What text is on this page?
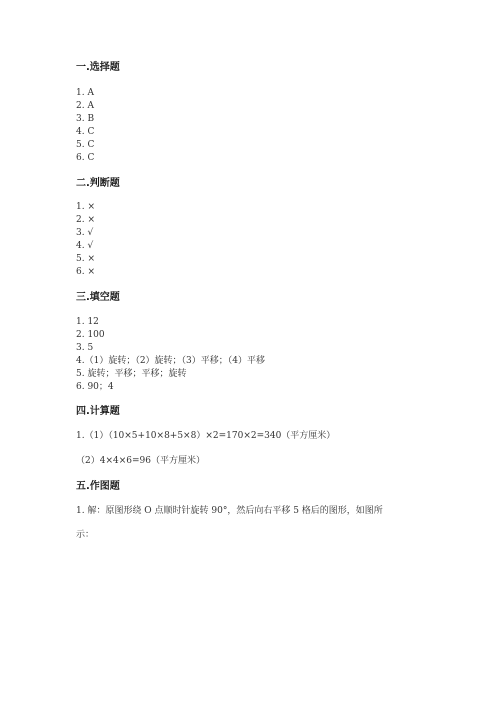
一.选择题
1. A
2. A
3. B
4. C
5. C
6. C
二.判断题
1. ×
2. ×
3. √
4. √
5. ×
6. ×
三.填空题
1. 12
2. 100
3. 5
4.（1）旋转；（2）旋转；（3）平移；（4）平移
5. 旋转；平移；平移；旋转
6. 90；4
四.计算题
1.（1）（10×5+10×8+5×8）×2=170×2=340（平方厘米）
（2）4×4×6=96（平方厘米）
五.作图题
1. 解：原图形绕 O 点顺时针旋转 90°，然后向右平移 5 格后的图形，如图所
示：
